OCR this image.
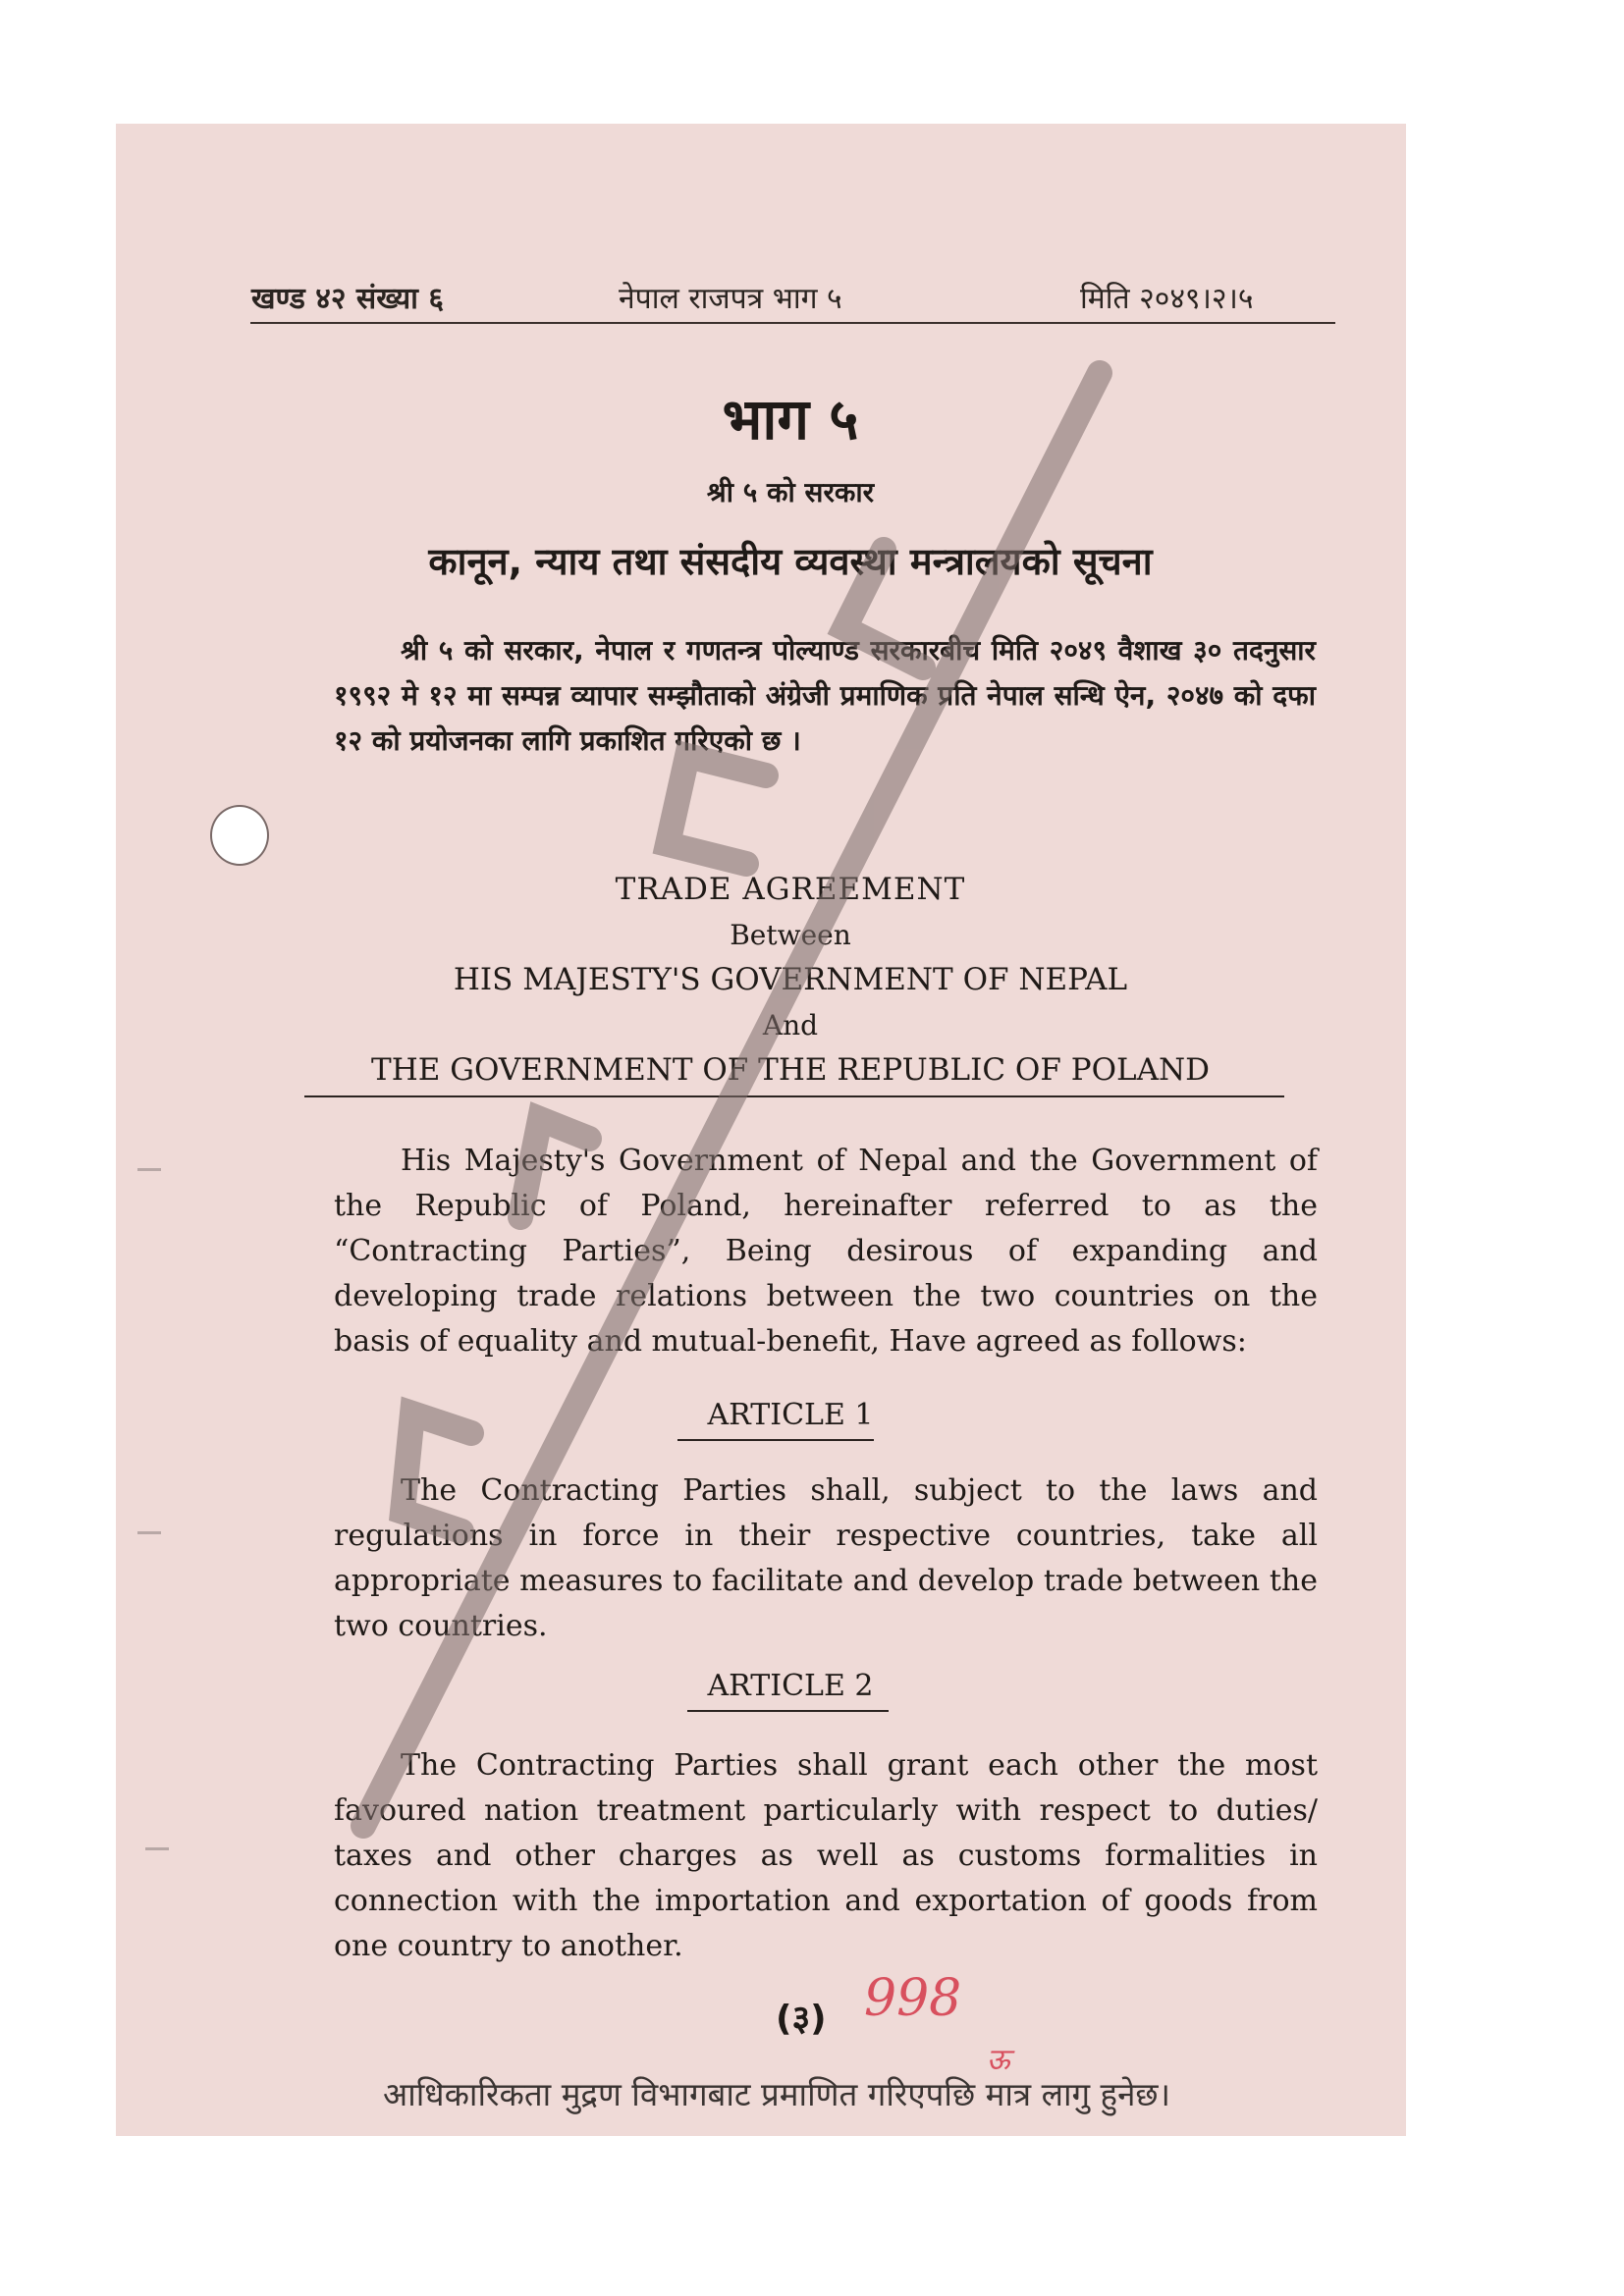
खण्ड ४२ संख्या ६	नेपाल राजपत्र भाग ५	मिति २०४९।२।५
भाग ५
श्री ५ को सरकार
कानून, न्याय तथा संसदीय व्यवस्था मन्त्रालयको सूचना
श्री ५ को सरकार, नेपाल र गणतन्त्र पोल्याण्ड सरकारबीच मिति २०४९ वैशाख ३० तदनुसार १९९२ मे १२ मा सम्पन्न व्यापार सम्झौताको अंग्रेजी प्रमाणिक प्रति नेपाल सन्धि ऐन, २०४७ को दफा १२ को प्रयोजनका लागि प्रकाशित गरिएको छ ।
TRADE AGREEMENT
Between
HIS MAJESTY'S GOVERNMENT OF NEPAL
And
THE GOVERNMENT OF THE REPUBLIC OF POLAND
His Majesty's Government of Nepal and the Government of the Republic of Poland, hereinafter referred to as the “Contracting Parties”, Being desirous of expanding and developing trade relations between the two countries on the basis of equality and mutual-benefit, Have agreed as follows:
ARTICLE 1
The Contracting Parties shall, subject to the laws and regulations in force in their respective countries, take all appropriate measures to facilitate and develop trade between the two countries.
ARTICLE 2
The Contracting Parties shall grant each other the most favoured nation treatment particularly with respect to duties/ taxes and other charges as well as customs formalities in connection with the importation and exportation of goods from one country to another.
(३) 998
ऊ
आधिकारिकता मुद्रण विभागबाट प्रमाणित गरिएपछि मात्र लागु हुनेछ।
